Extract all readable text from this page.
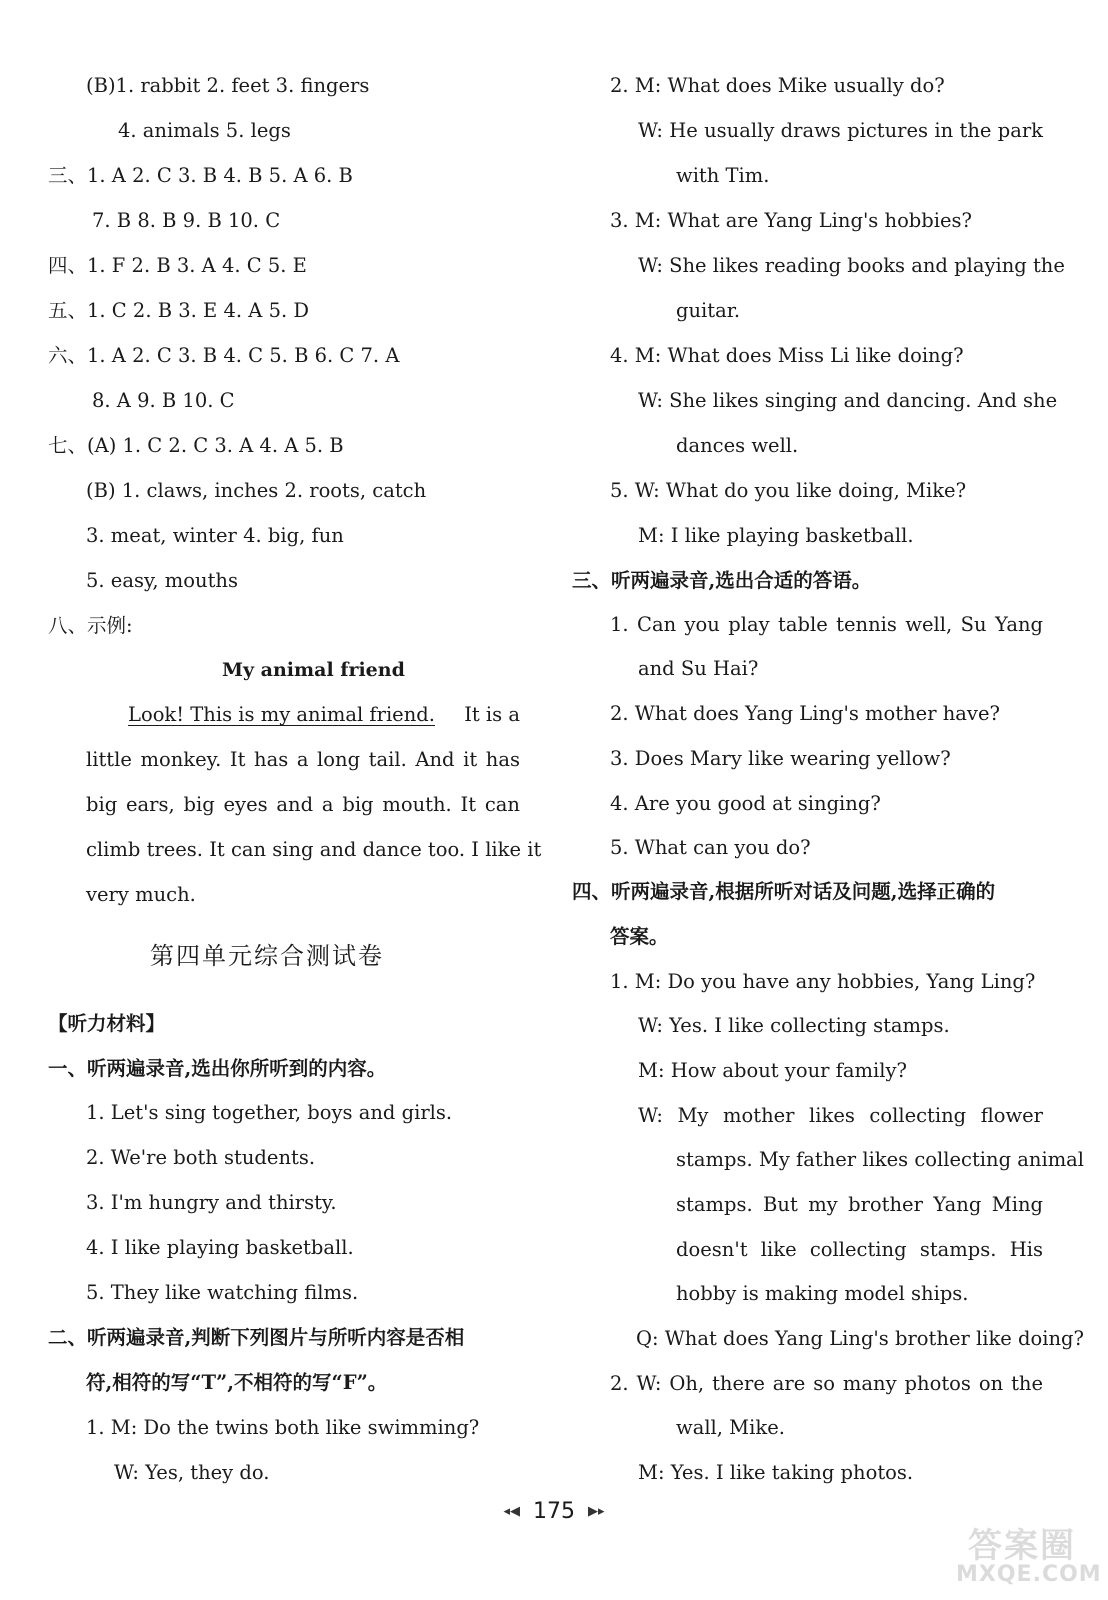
(B)1. rabbit 2. feet 3. fingers
4. animals 5. legs
三、1. A 2. C 3. B 4. B 5. A 6. B
7. B 8. B 9. B 10. C
四、1. F 2. B 3. A 4. C 5. E
五、1. C 2. B 3. E 4. A 5. D
六、1. A 2. C 3. B 4. C 5. B 6. C 7. A
8. A 9. B 10. C
七、(A) 1. C 2. C 3. A 4. A 5. B
(B) 1. claws, inches 2. roots, catch
3. meat, winter 4. big, fun
5. easy, mouths
八、示例:
My animal friend
Look! This is my animal friend. It is a
little monkey. It has a long tail. And it has
big ears, big eyes and a big mouth. It can
climb trees. It can sing and dance too. I like it
very much.
第四单元综合测试卷
【听力材料】
一、听两遍录音,选出你所听到的内容。
1. Let's sing together, boys and girls.
2. We're both students.
3. I'm hungry and thirsty.
4. I like playing basketball.
5. They like watching films.
二、听两遍录音,判断下列图片与所听内容是否相
符,相符的写“T”,不相符的写“F”。
1. M: Do the twins both like swimming?
W: Yes, they do.
2. M: What does Mike usually do?
W: He usually draws pictures in the park
with Tim.
3. M: What are Yang Ling's hobbies?
W: She likes reading books and playing the
guitar.
4. M: What does Miss Li like doing?
W: She likes singing and dancing. And she
dances well.
5. W: What do you like doing, Mike?
M: I like playing basketball.
三、听两遍录音,选出合适的答语。
1. Can you play table tennis well, Su Yang
and Su Hai?
2. What does Yang Ling's mother have?
3. Does Mary like wearing yellow?
4. Are you good at singing?
5. What can you do?
四、听两遍录音,根据所听对话及问题,选择正确的
答案。
1. M: Do you have any hobbies, Yang Ling?
W: Yes. I like collecting stamps.
M: How about your family?
W: My mother likes collecting flower
stamps. My father likes collecting animal
stamps. But my brother Yang Ming
doesn't like collecting stamps. His
hobby is making model ships.
Q: What does Yang Ling's brother like doing?
2. W: Oh, there are so many photos on the
wall, Mike.
M: Yes. I like taking photos.
◂◀ 175 ▶▸
答案圈
MXQE.COM
